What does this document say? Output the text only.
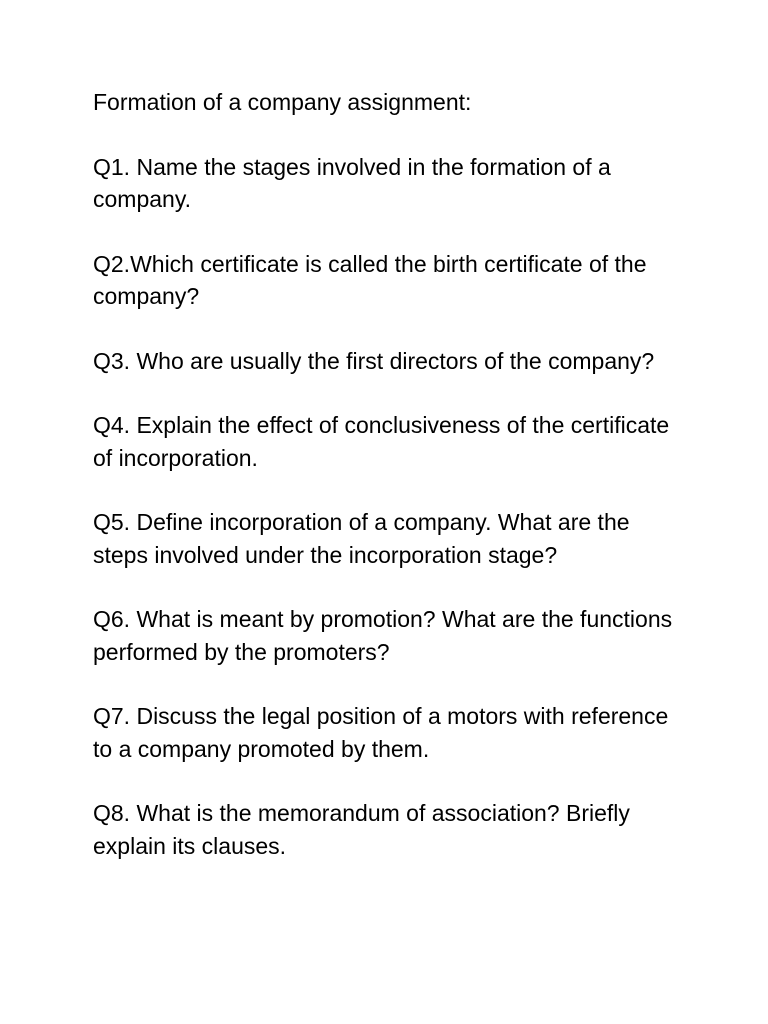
Formation of a company assignment:

Q1. Name the stages involved in the formation of a company.

Q2.Which certificate is called the birth certificate of the company?

Q3. Who are usually the first directors of the company?

Q4. Explain the effect of conclusiveness of the certificate of incorporation.

Q5. Define incorporation of a company. What are the steps involved under the incorporation stage?

Q6. What is meant by promotion? What are the functions performed by the promoters?

Q7. Discuss the legal position of a motors with reference to a company promoted by them.

Q8. What is the memorandum of association? Briefly explain its clauses.
